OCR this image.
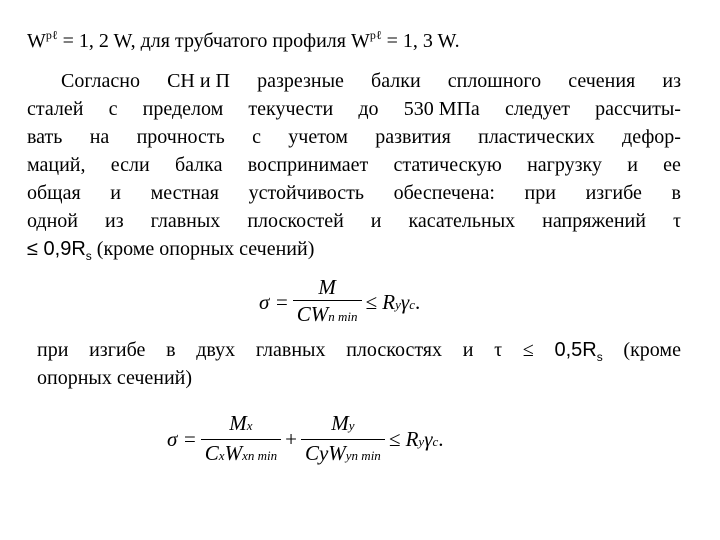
$W^{p\ell} = 1$, 2 W, для трубчатого профиля $W^{p\ell} = 1$, 3 W.
Согласно СН и П разрезные балки сплошного сечения из
сталей с пределом текучести до 530 МПа следует рассчиты-
вать на прочность с учетом развития пластических дефор-
маций, если балка воспринимает статическую нагрузку и ее
общая и местная устойчивость обеспечена: при изгибе в
одной из главных плоскостей и касательных напряжений τ
≤ $0,9R_s$ (кроме опорных сечений)
$\sigma = \frac{M}{\text{CWn min}} \le Ry\gamma c$.
при изгибе в двух главных плоскостях и $\tau \le 0,5R_s$ (кроме
опорных сечений)
$\sigma = \frac{Mx}{\text{CxWxn min}} + \frac{My}{\text{CyWyn min}} \le Ry\gamma c$.
